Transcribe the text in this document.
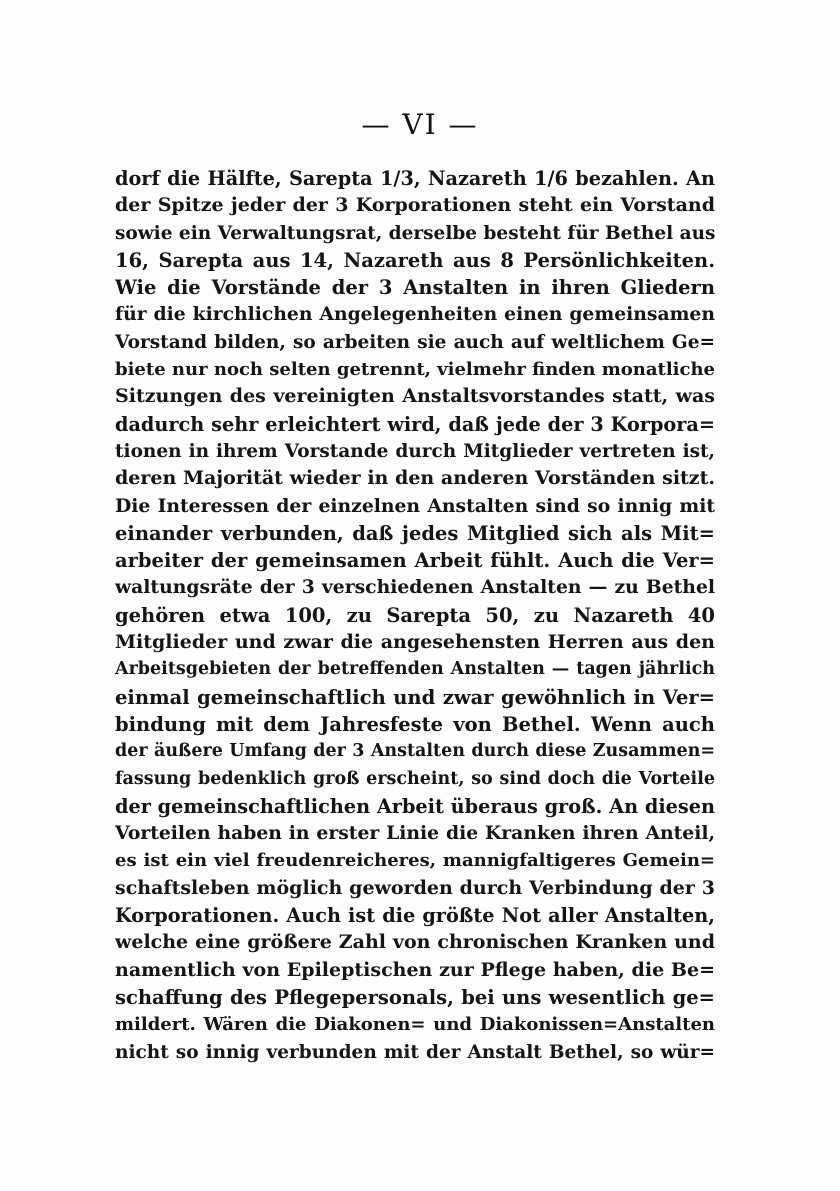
— VI —
dorf die Hälfte, Sarepta 1/3, Nazareth 1/6 bezahlen. An
der Spitze jeder der 3 Korporationen steht ein Vorstand
sowie ein Verwaltungsrat, derselbe besteht für Bethel aus
16, Sarepta aus 14, Nazareth aus 8 Persönlichkeiten.
Wie die Vorstände der 3 Anstalten in ihren Gliedern
für die kirchlichen Angelegenheiten einen gemeinsamen
Vorstand bilden, so arbeiten sie auch auf weltlichem Ge=
biete nur noch selten getrennt, vielmehr finden monatliche
Sitzungen des vereinigten Anstaltsvorstandes statt, was
dadurch sehr erleichtert wird, daß jede der 3 Korpora=
tionen in ihrem Vorstande durch Mitglieder vertreten ist,
deren Majorität wieder in den anderen Vorständen sitzt.
Die Interessen der einzelnen Anstalten sind so innig mit
einander verbunden, daß jedes Mitglied sich als Mit=
arbeiter der gemeinsamen Arbeit fühlt. Auch die Ver=
waltungsräte der 3 verschiedenen Anstalten — zu Bethel
gehören etwa 100, zu Sarepta 50, zu Nazareth 40
Mitglieder und zwar die angesehensten Herren aus den
Arbeitsgebieten der betreffenden Anstalten — tagen jährlich
einmal gemeinschaftlich und zwar gewöhnlich in Ver=
bindung mit dem Jahresfeste von Bethel. Wenn auch
der äußere Umfang der 3 Anstalten durch diese Zusammen=
fassung bedenklich groß erscheint, so sind doch die Vorteile
der gemeinschaftlichen Arbeit überaus groß. An diesen
Vorteilen haben in erster Linie die Kranken ihren Anteil,
es ist ein viel freudenreicheres, mannigfaltigeres Gemein=
schaftsleben möglich geworden durch Verbindung der 3
Korporationen. Auch ist die größte Not aller Anstalten,
welche eine größere Zahl von chronischen Kranken und
namentlich von Epileptischen zur Pflege haben, die Be=
schaffung des Pflegepersonals, bei uns wesentlich ge=
mildert. Wären die Diakonen= und Diakonissen=Anstalten
nicht so innig verbunden mit der Anstalt Bethel, so wür=
